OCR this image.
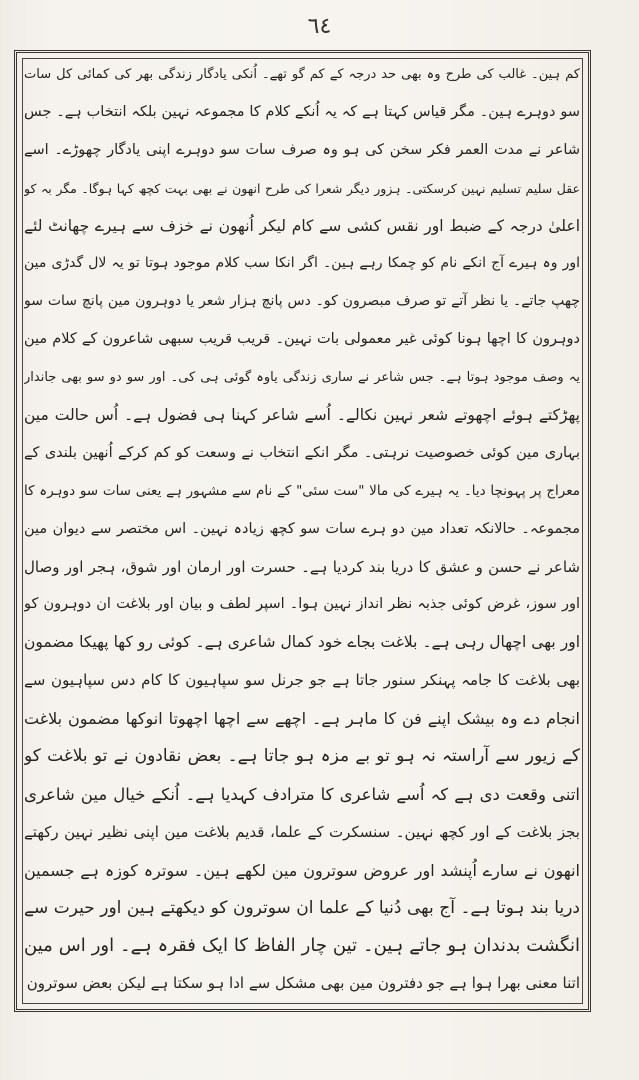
٦٤
کم ہین۔ غالب کی طرح وہ بھی حد درجہ کے کم گو تھے۔ اُنکی یادگار زندگی بھر کی کمائی کل سات
سو دوہرے ہین۔ مگر قیاس کہتا ہے کہ یہ اُنکے کلام کا مجموعہ نہین بلکہ انتخاب ہے۔ جس
شاعر نے مدت العمر فکر سخن کی ہو وہ صرف سات سو دوہرے اپنی یادگار چھوڑے۔ اسے
عقل سلیم تسلیم نہین کرسکتی۔ ہزور دیگر شعرا کی طرح انھون نے بھی بہت کچھ کہا ہوگا۔ مگر بہ کو
اعلیٰ درجہ کے ضبط اور نقس کشی سے کام لیکر اُنھون نے خزف سے ہیرے چھانٹ لئے
اور وہ ہیرے آج انکے نام کو چمکا رہے ہین۔ اگر انکا سب کلام موجود ہوتا تو یہ لال گدڑی مین
چھپ جاتے۔ یا نظر آتے تو صرف مبصرون کو۔ دس پانچ ہزار شعر یا دوہرون مین پانچ سات سو
دوہرون کا اچھا ہونا کوئی غیر معمولی بات نہین۔ قریب قریب سبھی شاعرون کے کلام مین
یہ وصف موجود ہوتا ہے۔ جس شاعر نے ساری زندگی یاوہ گوئی ہی کی۔ اور سو دو سو بھی جاندار
پھڑکتے ہوئے اچھوتے شعر نہین نکالے۔ اُسے شاعر کہنا ہی فضول ہے۔ اُس حالت مین
بہاری مین کوئی خصوصیت نرہتی۔ مگر انکے انتخاب نے وسعت کو کم کرکے اُنھین بلندی کے
معراج پر پہونچا دیا۔ یہ ہیرے کی مالا "ست سئی" کے نام سے مشہور ہے یعنی سات سو دوہرہ کا
مجموعہ۔ حالانکہ تعداد مین دو ہرے سات سو کچھ زیادہ نہین۔ اس مختصر سے دیوان مین
شاعر نے حسن و عشق کا دریا بند کردیا ہے۔ حسرت اور ارمان اور شوق، ہجر اور وصال
اور سوز، غرض کوئی جذبہ نظر انداز نہین ہوا۔ اسپر لطف و بیان اور بلاغت ان دوہرون کو
اور بھی اچھال رہی ہے۔ بلاغت بجاے خود کمال شاعری ہے۔ کوئی رو کھا پھیکا مضمون
بھی بلاغت کا جامہ پہنکر سنور جاتا ہے جو جرنل سو سپاہیون کا کام دس سپاہیون سے
انجام دے وہ بیشک اپنے فن کا ماہر ہے۔ اچھے سے اچھا اچھوتا انوکھا مضمون بلاغت
کے زیور سے آراستہ نہ ہو تو بے مزہ ہو جاتا ہے۔ بعض نقادون نے تو بلاغت کو
اتنی وقعت دی ہے کہ اُسے شاعری کا مترادف کہدیا ہے۔ اُنکے خیال مین شاعری
بجز بلاغت کے اور کچھ نہین۔ سنسکرت کے علما، قدیم بلاغت مین اپنی نظیر نہین رکھتے
انھون نے سارے اُپنشد اور عروض سوترون مین لکھے ہین۔ سوترہ کوزہ ہے جسمین
دریا بند ہوتا ہے۔ آج بھی دُنیا کے علما ان سوترون کو دیکھتے ہین اور حیرت سے
انگشت بدندان ہو جاتے ہین۔ تین چار الفاظ کا ایک فقرہ ہے۔ اور اس مین
اتنا معنی بھرا ہوا ہے جو دفترون مین بھی مشکل سے ادا ہو سکتا ہے لیکن بعض سوترون
